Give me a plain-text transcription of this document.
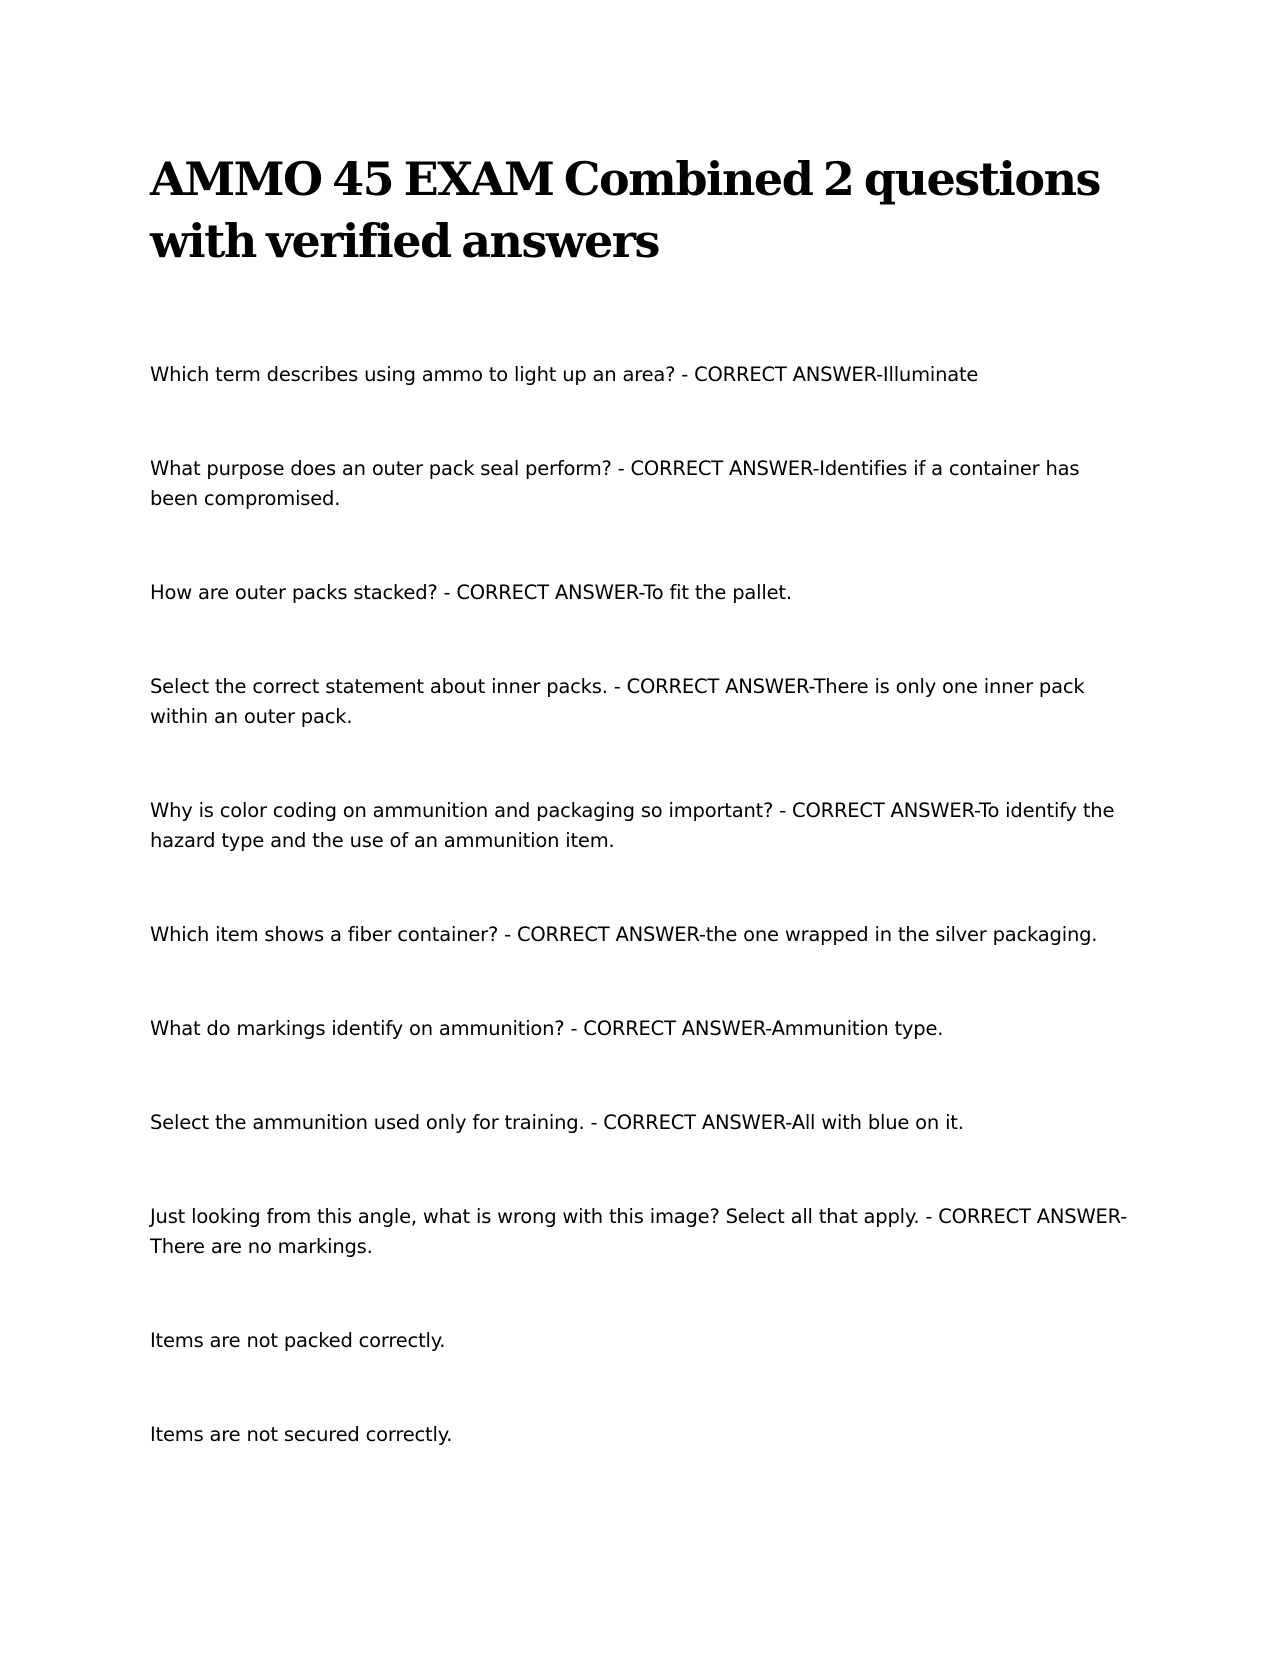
AMMO 45 EXAM Combined 2 questions with verified answers
Which term describes using ammo to light up an area? - CORRECT ANSWER-Illuminate
What purpose does an outer pack seal perform? - CORRECT ANSWER-Identifies if a container has been compromised.
How are outer packs stacked? - CORRECT ANSWER-To fit the pallet.
Select the correct statement about inner packs. - CORRECT ANSWER-There is only one inner pack within an outer pack.
Why is color coding on ammunition and packaging so important? - CORRECT ANSWER-To identify the hazard type and the use of an ammunition item.
Which item shows a fiber container? - CORRECT ANSWER-the one wrapped in the silver packaging.
What do markings identify on ammunition? - CORRECT ANSWER-Ammunition type.
Select the ammunition used only for training. - CORRECT ANSWER-All with blue on it.
Just looking from this angle, what is wrong with this image? Select all that apply. - CORRECT ANSWER-There are no markings.
Items are not packed correctly.
Items are not secured correctly.
